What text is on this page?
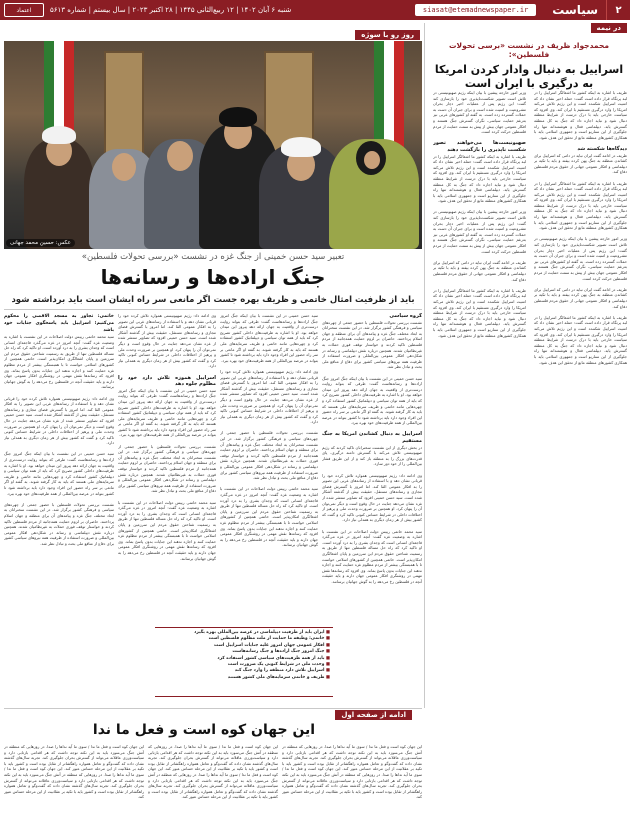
۲
سیاست
siasat@etemadnewspaper.ir
شنبه ۶ آبان ۱۴۰۲ | ۱۲ ربیع‌الثانی ۱۴۴۵ | ۲۸ اکتبر ۲۰۲۳ | سال بیستم | شماره ۵۶۱۳
اعتماد
در نیمه
محمدجواد ظریف در نشست «برسی تحولات فلسطین»:
اسراییل به دنبال وادار کردن امریکا به درگیری با ایران است
ظریف با اشاره به اینکه کشور ما اشغالگر اسراییل را در لبه پرتگاه قرار داده است گفت: حمله اخیر نشان داد که امنیت اسراییل شکننده است و این رژیم تلاش می‌کند امریکا را وارد درگیری مستقیم با ایران کند. وی افزود که سیاست خارجی باید با درک درست از شرایط منطقه دنبال شود و نباید اجازه داد که جنگ به کل منطقه گسترش یابد. دیپلماسی فعال و هوشمندانه تنها راه جلوگیری از این سناریو است و جمهوری اسلامی باید با همکاری کشورهای منطقه مانع از تحقق این هدف شود.

دیدگاه‌ها شکسته شد
ظریف در ادامه گفت ایران نباید در دامی که اسراییل برای کشاندن منطقه به جنگ پهن کرده بیفتد و باید با تکیه بر دیپلماسی و افکار عمومی جهانی از حقوق مردم فلسطین دفاع کند.

ظریف با اشاره به اینکه کشور ما اشغالگر اسراییل را در لبه پرتگاه قرار داده است گفت: حمله اخیر نشان داد که امنیت اسراییل شکننده است و این رژیم تلاش می‌کند امریکا را وارد درگیری مستقیم با ایران کند. وی افزود که سیاست خارجی باید با درک درست از شرایط منطقه دنبال شود و نباید اجازه داد که جنگ به کل منطقه گسترش یابد. دیپلماسی فعال و هوشمندانه تنها راه جلوگیری از این سناریو است و جمهوری اسلامی باید با همکاری کشورهای منطقه مانع از تحقق این هدف شود.

وزیر امور خارجه پیشین با بیان اینکه رژیم صهیونیستی در تلاش است تصویر شکست‌ناپذیری خود را بازسازی کند گفت: این رژیم پس از عملیات اخیر دچار بحران مشروعیت و امنیت شده است و برای جبران آن دست به حملات گسترده زده است. به گفته او کشورهای غربی نیز به‌رغم حمایت سیاسی، نگران گسترش جنگ هستند و افکار عمومی جهان بیش از پیش به سمت حمایت از مردم فلسطین حرکت کرده است.

ظریف در ادامه گفت ایران نباید در دامی که اسراییل برای کشاندن منطقه به جنگ پهن کرده بیفتد و باید با تکیه بر دیپلماسی و افکار عمومی جهانی از حقوق مردم فلسطین دفاع کند.

ظریف با اشاره به اینکه کشور ما اشغالگر اسراییل را در لبه پرتگاه قرار داده است گفت: حمله اخیر نشان داد که امنیت اسراییل شکننده است و این رژیم تلاش می‌کند امریکا را وارد درگیری مستقیم با ایران کند. وی افزود که سیاست خارجی باید با درک درست از شرایط منطقه دنبال شود و نباید اجازه داد که جنگ به کل منطقه گسترش یابد. دیپلماسی فعال و هوشمندانه تنها راه جلوگیری از این سناریو است و جمهوری اسلامی باید با همکاری کشورهای منطقه مانع از تحقق این هدف شود.
وزیر امور خارجه پیشین با بیان اینکه رژیم صهیونیستی در تلاش است تصویر شکست‌ناپذیری خود را بازسازی کند گفت: این رژیم پس از عملیات اخیر دچار بحران مشروعیت و امنیت شده است و برای جبران آن دست به حملات گسترده زده است. به گفته او کشورهای غربی نیز به‌رغم حمایت سیاسی، نگران گسترش جنگ هستند و افکار عمومی جهان بیش از پیش به سمت حمایت از مردم فلسطین حرکت کرده است.

صهیونیست‌ها می‌خواهند تصور شکست ناپذیری را بازگشت دهند
ظریف با اشاره به اینکه کشور ما اشغالگر اسراییل را در لبه پرتگاه قرار داده است گفت: حمله اخیر نشان داد که امنیت اسراییل شکننده است و این رژیم تلاش می‌کند امریکا را وارد درگیری مستقیم با ایران کند. وی افزود که سیاست خارجی باید با درک درست از شرایط منطقه دنبال شود و نباید اجازه داد که جنگ به کل منطقه گسترش یابد. دیپلماسی فعال و هوشمندانه تنها راه جلوگیری از این سناریو است و جمهوری اسلامی باید با همکاری کشورهای منطقه مانع از تحقق این هدف شود.

وزیر امور خارجه پیشین با بیان اینکه رژیم صهیونیستی در تلاش است تصویر شکست‌ناپذیری خود را بازسازی کند گفت: این رژیم پس از عملیات اخیر دچار بحران مشروعیت و امنیت شده است و برای جبران آن دست به حملات گسترده زده است. به گفته او کشورهای غربی نیز به‌رغم حمایت سیاسی، نگران گسترش جنگ هستند و افکار عمومی جهان بیش از پیش به سمت حمایت از مردم فلسطین حرکت کرده است.

ظریف در ادامه گفت ایران نباید در دامی که اسراییل برای کشاندن منطقه به جنگ پهن کرده بیفتد و باید با تکیه بر دیپلماسی و افکار عمومی جهانی از حقوق مردم فلسطین دفاع کند.

ظریف با اشاره به اینکه کشور ما اشغالگر اسراییل را در لبه پرتگاه قرار داده است گفت: حمله اخیر نشان داد که امنیت اسراییل شکننده است و این رژیم تلاش می‌کند امریکا را وارد درگیری مستقیم با ایران کند. وی افزود که سیاست خارجی باید با درک درست از شرایط منطقه دنبال شود و نباید اجازه داد که جنگ به کل منطقه گسترش یابد. دیپلماسی فعال و هوشمندانه تنها راه جلوگیری از این سناریو است و جمهوری اسلامی باید با همکاری کشورهای منطقه مانع از تحقق این هدف شود.
روز رو با سوژه
عکس: حسین محمد جهانی
تعبیر سید حسن خمینی از جنگ غزه در نشست «بررسی تحولات فلسطین»
جنگ اراده‌ها و رسانه‌ها
باید از ظرفیت امثال خاتمی و ظریف بهره جست اگر مانعی سر راه ایشان است باید برداشته شود
گروه سیاسی
نشست بررسی تحولات فلسطین با حضور جمعی از چهره‌های سیاسی و فرهنگی کشور برگزار شد. در این نشست سخنرانان به ابعاد مختلف جنگ غزه و پیامدهای آن برای منطقه و جهان اسلام پرداختند. حاضران بر لزوم حمایت همه‌جانبه از مردم فلسطین تاکید کردند و خواستار توقف فوری حملات به غیرنظامیان شدند. همچنین درباره نقش دیپلماسی و رسانه در شکل‌دهی افکار عمومی بین‌المللی و ضرورت استفاده از ظرفیت همه نیروهای سیاسی کشور برای دفاع از منافع ملی بحث و تبادل نظر شد.

سید حسن خمینی در این نشست با بیان اینکه جنگ امروز جنگ اراده‌ها و رسانه‌هاست گفت: طرفی که بتواند روایت درست‌تری از واقعیت به جهان ارائه دهد پیروز این میدان خواهد بود. او با اشاره به ظرفیت‌های داخلی کشور تصریح کرد که باید از همه توان سیاسی و دیپلماتیک کشور استفاده کرد و چهره‌هایی مانند خاتمی و ظریف سرمایه‌های ملی هستند که باید به کار گرفته شوند. به گفته او اگر مانعی بر سر راه حضور این افراد وجود دارد باید برداشته شود تا کشور بتواند در عرصه بین‌المللی از همه ظرفیت‌های خود بهره ببرد.

اسراییل به دنبال کشاندن امریکا به جنگ مستقیم
در بخش دیگری از این نشست سخنرانان تاکید کردند که رژیم صهیونیستی تلاش می‌کند با گسترش دامنه درگیری، پای قدرت‌های بزرگ را به منطقه باز کند و از این طریق فشار بین‌المللی را از خود دور سازد.

وی ادامه داد: رژیم صهیونیستی همواره تلاش کرده خود را قربانی نشان دهد و با استفاده از رسانه‌های غربی این تصویر را به افکار عمومی القا کند. اما امروز با گسترش فضای مجازی و رسانه‌های مستقل، حقیقت بیش از گذشته آشکار شده است. سید حسن خمینی افزود که تصاویر منتشر شده از غزه نشان می‌دهد جنایت در حال وقوع است و دیگر نمی‌توان آن را پنهان کرد. او همچنین بر ضرورت وحدت ملی و پرهیز از اختلافات داخلی در شرایط حساس کنونی تاکید کرد و گفت که کشور بیش از هر زمان دیگری به همدلی نیاز دارد.

سید محمد خاتمی رییس دولت اصلاحات در این نشست با اشاره به وضعیت غزه گفت: آنچه امروز در غزه می‌گذرد فاجعه‌ای انسانی است که وجدان بشری را به درد آورده است. او تاکید کرد که راه حل مساله فلسطین تنها از طریق به رسمیت شناختن حقوق مردم این سرزمین و پایان اشغالگری امکان‌پذیر است. خاتمی همچنین از کشورهای اسلامی خواست تا با همبستگی بیشتر از مردم مظلوم غزه حمایت کنند و اجازه ندهند این جنایات بدون پاسخ بماند. وی افزود که رسانه‌ها نقش مهمی در روشنگری افکار عمومی جهان دارند و باید حقیقت آنچه در فلسطین رخ می‌دهد را به گوش جهانیان برسانند.
سید حسن خمینی در این نشست با بیان اینکه جنگ امروز جنگ اراده‌ها و رسانه‌هاست گفت: طرفی که بتواند روایت درست‌تری از واقعیت به جهان ارائه دهد پیروز این میدان خواهد بود. او با اشاره به ظرفیت‌های داخلی کشور تصریح کرد که باید از همه توان سیاسی و دیپلماتیک کشور استفاده کرد و چهره‌هایی مانند خاتمی و ظریف سرمایه‌های ملی هستند که باید به کار گرفته شوند. به گفته او اگر مانعی بر سر راه حضور این افراد وجود دارد باید برداشته شود تا کشور بتواند در عرصه بین‌المللی از همه ظرفیت‌های خود بهره ببرد.

وی ادامه داد: رژیم صهیونیستی همواره تلاش کرده خود را قربانی نشان دهد و با استفاده از رسانه‌های غربی این تصویر را به افکار عمومی القا کند. اما امروز با گسترش فضای مجازی و رسانه‌های مستقل، حقیقت بیش از گذشته آشکار شده است. سید حسن خمینی افزود که تصاویر منتشر شده از غزه نشان می‌دهد جنایت در حال وقوع است و دیگر نمی‌توان آن را پنهان کرد. او همچنین بر ضرورت وحدت ملی و پرهیز از اختلافات داخلی در شرایط حساس کنونی تاکید کرد و گفت که کشور بیش از هر زمان دیگری به همدلی نیاز دارد.

نشست بررسی تحولات فلسطین با حضور جمعی از چهره‌های سیاسی و فرهنگی کشور برگزار شد. در این نشست سخنرانان به ابعاد مختلف جنگ غزه و پیامدهای آن برای منطقه و جهان اسلام پرداختند. حاضران بر لزوم حمایت همه‌جانبه از مردم فلسطین تاکید کردند و خواستار توقف فوری حملات به غیرنظامیان شدند. همچنین درباره نقش دیپلماسی و رسانه در شکل‌دهی افکار عمومی بین‌المللی و ضرورت استفاده از ظرفیت همه نیروهای سیاسی کشور برای دفاع از منافع ملی بحث و تبادل نظر شد.

سید محمد خاتمی رییس دولت اصلاحات در این نشست با اشاره به وضعیت غزه گفت: آنچه امروز در غزه می‌گذرد فاجعه‌ای انسانی است که وجدان بشری را به درد آورده است. او تاکید کرد که راه حل مساله فلسطین تنها از طریق به رسمیت شناختن حقوق مردم این سرزمین و پایان اشغالگری امکان‌پذیر است. خاتمی همچنین از کشورهای اسلامی خواست تا با همبستگی بیشتر از مردم مظلوم غزه حمایت کنند و اجازه ندهند این جنایات بدون پاسخ بماند. وی افزود که رسانه‌ها نقش مهمی در روشنگری افکار عمومی جهان دارند و باید حقیقت آنچه در فلسطین رخ می‌دهد را به گوش جهانیان برسانند.
وی ادامه داد: رژیم صهیونیستی همواره تلاش کرده خود را قربانی نشان دهد و با استفاده از رسانه‌های غربی این تصویر را به افکار عمومی القا کند. اما امروز با گسترش فضای مجازی و رسانه‌های مستقل، حقیقت بیش از گذشته آشکار شده است. سید حسن خمینی افزود که تصاویر منتشر شده از غزه نشان می‌دهد جنایت در حال وقوع است و دیگر نمی‌توان آن را پنهان کرد. او همچنین بر ضرورت وحدت ملی و پرهیز از اختلافات داخلی در شرایط حساس کنونی تاکید کرد و گفت که کشور بیش از هر زمان دیگری به همدلی نیاز دارد.

اسراییل هموزه تلاش دارد خود را مظلوم جلوه دهد
سید حسن خمینی در این نشست با بیان اینکه جنگ امروز جنگ اراده‌ها و رسانه‌هاست گفت: طرفی که بتواند روایت درست‌تری از واقعیت به جهان ارائه دهد پیروز این میدان خواهد بود. او با اشاره به ظرفیت‌های داخلی کشور تصریح کرد که باید از همه توان سیاسی و دیپلماتیک کشور استفاده کرد و چهره‌هایی مانند خاتمی و ظریف سرمایه‌های ملی هستند که باید به کار گرفته شوند. به گفته او اگر مانعی بر سر راه حضور این افراد وجود دارد باید برداشته شود تا کشور بتواند در عرصه بین‌المللی از همه ظرفیت‌های خود بهره ببرد.

نشست بررسی تحولات فلسطین با حضور جمعی از چهره‌های سیاسی و فرهنگی کشور برگزار شد. در این نشست سخنرانان به ابعاد مختلف جنگ غزه و پیامدهای آن برای منطقه و جهان اسلام پرداختند. حاضران بر لزوم حمایت همه‌جانبه از مردم فلسطین تاکید کردند و خواستار توقف فوری حملات به غیرنظامیان شدند. همچنین درباره نقش دیپلماسی و رسانه در شکل‌دهی افکار عمومی بین‌المللی و ضرورت استفاده از ظرفیت همه نیروهای سیاسی کشور برای دفاع از منافع ملی بحث و تبادل نظر شد.

سید محمد خاتمی رییس دولت اصلاحات در این نشست با اشاره به وضعیت غزه گفت: آنچه امروز در غزه می‌گذرد فاجعه‌ای انسانی است که وجدان بشری را به درد آورده است. او تاکید کرد که راه حل مساله فلسطین تنها از طریق به رسمیت شناختن حقوق مردم این سرزمین و پایان اشغالگری امکان‌پذیر است. خاتمی همچنین از کشورهای اسلامی خواست تا با همبستگی بیشتر از مردم مظلوم غزه حمایت کنند و اجازه ندهند این جنایات بدون پاسخ بماند. وی افزود که رسانه‌ها نقش مهمی در روشنگری افکار عمومی جهان دارند و باید حقیقت آنچه در فلسطین رخ می‌دهد را به گوش جهانیان برسانند.
خاتمی: تجاوز به مسجد الاقصی را محکوم می‌کنیم؛ اسراییل باید پاسخگوی جنایات خود باشد
سید محمد خاتمی رییس دولت اصلاحات در این نشست با اشاره به وضعیت غزه گفت: آنچه امروز در غزه می‌گذرد فاجعه‌ای انسانی است که وجدان بشری را به درد آورده است. او تاکید کرد که راه حل مساله فلسطین تنها از طریق به رسمیت شناختن حقوق مردم این سرزمین و پایان اشغالگری امکان‌پذیر است. خاتمی همچنین از کشورهای اسلامی خواست تا با همبستگی بیشتر از مردم مظلوم غزه حمایت کنند و اجازه ندهند این جنایات بدون پاسخ بماند. وی افزود که رسانه‌ها نقش مهمی در روشنگری افکار عمومی جهان دارند و باید حقیقت آنچه در فلسطین رخ می‌دهد را به گوش جهانیان برسانند.

وی ادامه داد: رژیم صهیونیستی همواره تلاش کرده خود را قربانی نشان دهد و با استفاده از رسانه‌های غربی این تصویر را به افکار عمومی القا کند. اما امروز با گسترش فضای مجازی و رسانه‌های مستقل، حقیقت بیش از گذشته آشکار شده است. سید حسن خمینی افزود که تصاویر منتشر شده از غزه نشان می‌دهد جنایت در حال وقوع است و دیگر نمی‌توان آن را پنهان کرد. او همچنین بر ضرورت وحدت ملی و پرهیز از اختلافات داخلی در شرایط حساس کنونی تاکید کرد و گفت که کشور بیش از هر زمان دیگری به همدلی نیاز دارد.

سید حسن خمینی در این نشست با بیان اینکه جنگ امروز جنگ اراده‌ها و رسانه‌هاست گفت: طرفی که بتواند روایت درست‌تری از واقعیت به جهان ارائه دهد پیروز این میدان خواهد بود. او با اشاره به ظرفیت‌های داخلی کشور تصریح کرد که باید از همه توان سیاسی و دیپلماتیک کشور استفاده کرد و چهره‌هایی مانند خاتمی و ظریف سرمایه‌های ملی هستند که باید به کار گرفته شوند. به گفته او اگر مانعی بر سر راه حضور این افراد وجود دارد باید برداشته شود تا کشور بتواند در عرصه بین‌المللی از همه ظرفیت‌های خود بهره ببرد.

نشست بررسی تحولات فلسطین با حضور جمعی از چهره‌های سیاسی و فرهنگی کشور برگزار شد. در این نشست سخنرانان به ابعاد مختلف جنگ غزه و پیامدهای آن برای منطقه و جهان اسلام پرداختند. حاضران بر لزوم حمایت همه‌جانبه از مردم فلسطین تاکید کردند و خواستار توقف فوری حملات به غیرنظامیان شدند. همچنین درباره نقش دیپلماسی و رسانه در شکل‌دهی افکار عمومی بین‌المللی و ضرورت استفاده از ظرفیت همه نیروهای سیاسی کشور برای دفاع از منافع ملی بحث و تبادل نظر شد.
■ ایران باید از ظرفیت دیپلماسی در عرصه بین‌المللی بهره بگیرد
■ خاتمی: وظیفه ما حمایت از ملت مظلوم فلسطین است
■ افکار عمومی جهان امروز علیه جنایات اسراییل است
■ جنگ امروز جنگ اراده‌ها و جنگ رسانه‌هاست
■ باید از همه ظرفیت‌های سیاسی کشور استفاده کرد
■ وحدت ملی در شرایط کنونی یک ضرورت است
■ اسراییل تلاش دارد منطقه را وارد جنگ کند
■ ظریف و خاتمی سرمایه‌های ملی کشور هستند
ادامه از صفحه اول
این جهان کوه است و فعل ما ندا
این جهان کوه است و فعل ما ندا / سوی ما آید نداها را صدا. در روزهایی که منطقه در آتش جنگ می‌سوزد باید به این نکته توجه داشت که هر اقدامی بازتابی دارد و سیاست‌ورزی عاقلانه می‌تواند از گسترش بحران جلوگیری کند. تجربه سال‌های گذشته نشان داده که گفت‌وگو و تعامل همواره راهگشاتر از تقابل بوده است و کشور باید با تکیه بر عقلانیت از این مرحله حساس عبور کند. این جهان کوه است و فعل ما ندا / سوی ما آید نداها را صدا. در روزهایی که منطقه در آتش جنگ می‌سوزد باید به این نکته توجه داشت که هر اقدامی بازتابی دارد و سیاست‌ورزی عاقلانه می‌تواند از گسترش بحران جلوگیری کند. تجربه سال‌های گذشته نشان داده که گفت‌وگو و تعامل همواره راهگشاتر از تقابل بوده است و کشور باید با تکیه بر عقلانیت از این مرحله حساس عبور کند.
این جهان کوه است و فعل ما ندا / سوی ما آید نداها را صدا. در روزهایی که منطقه در آتش جنگ می‌سوزد باید به این نکته توجه داشت که هر اقدامی بازتابی دارد و سیاست‌ورزی عاقلانه می‌تواند از گسترش بحران جلوگیری کند. تجربه سال‌های گذشته نشان داده که گفت‌وگو و تعامل همواره راهگشاتر از تقابل بوده است و کشور باید با تکیه بر عقلانیت از این مرحله حساس عبور کند. این جهان کوه است و فعل ما ندا / سوی ما آید نداها را صدا. در روزهایی که منطقه در آتش جنگ می‌سوزد باید به این نکته توجه داشت که هر اقدامی بازتابی دارد و سیاست‌ورزی عاقلانه می‌تواند از گسترش بحران جلوگیری کند. تجربه سال‌های گذشته نشان داده که گفت‌وگو و تعامل همواره راهگشاتر از تقابل بوده است و کشور باید با تکیه بر عقلانیت از این مرحله حساس عبور کند.
این جهان کوه است و فعل ما ندا / سوی ما آید نداها را صدا. در روزهایی که منطقه در آتش جنگ می‌سوزد باید به این نکته توجه داشت که هر اقدامی بازتابی دارد و سیاست‌ورزی عاقلانه می‌تواند از گسترش بحران جلوگیری کند. تجربه سال‌های گذشته نشان داده که گفت‌وگو و تعامل همواره راهگشاتر از تقابل بوده است و کشور باید با تکیه بر عقلانیت از این مرحله حساس عبور کند. این جهان کوه است و فعل ما ندا / سوی ما آید نداها را صدا. در روزهایی که منطقه در آتش جنگ می‌سوزد باید به این نکته توجه داشت که هر اقدامی بازتابی دارد و سیاست‌ورزی عاقلانه می‌تواند از گسترش بحران جلوگیری کند. تجربه سال‌های گذشته نشان داده که گفت‌وگو و تعامل همواره راهگشاتر از تقابل بوده است و کشور باید با تکیه بر عقلانیت از این مرحله حساس عبور کند.
